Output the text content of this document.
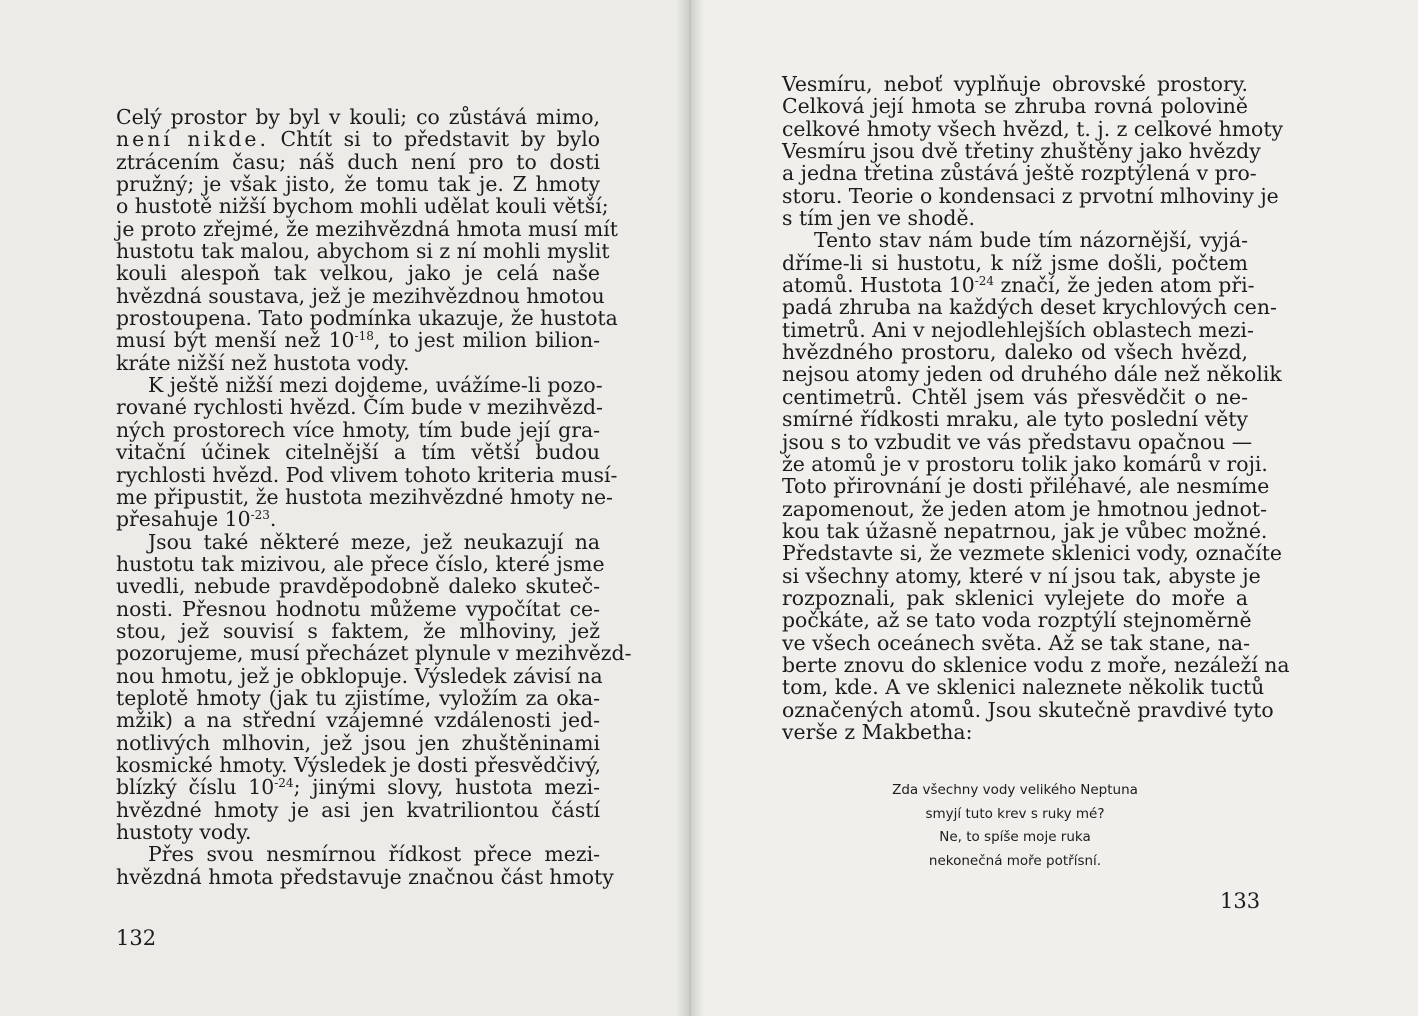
Celý prostor by byl v kouli; co zůstává mimo,
není nikde. Chtít si to představit by bylo
ztrácením času; náš duch není pro to dosti
pružný; je však jisto, že tomu tak je. Z hmoty
o hustotě nižší bychom mohli udělat kouli větší;
je proto zřejmé, že mezihvězdná hmota musí mít
hustotu tak malou, abychom si z ní mohli myslit
kouli alespoň tak velkou, jako je celá naše
hvězdná soustava, jež je mezihvězdnou hmotou
prostoupena. Tato podmínka ukazuje, že hustota
musí být menší než $10^{-18}$, to jest milion bilion-
kráte nižší než hustota vody.
K ještě nižší mezi dojdeme, uvážíme-li pozo-
rované rychlosti hvězd. Čím bude v mezihvězd-
ných prostorech více hmoty, tím bude její gra-
vitační účinek citelnější a tím větší budou
rychlosti hvězd. Pod vlivem tohoto kriteria musí-
me připustit, že hustota mezihvězdné hmoty ne-
přesahuje $10^{-23}$.
Jsou také některé meze, jež neukazují na
hustotu tak mizivou, ale přece číslo, které jsme
uvedli, nebude pravděpodobně daleko skuteč-
nosti. Přesnou hodnotu můžeme vypočítat ce-
stou, jež souvisí s faktem, že mlhoviny, jež
pozorujeme, musí přecházet plynule v mezihvězd-
nou hmotu, jež je obklopuje. Výsledek závisí na
teplotě hmoty (jak tu zjistíme, vyložím za oka-
mžik) a na střední vzájemné vzdálenosti jed-
notlivých mlhovin, jež jsou jen zhuštěninami
kosmické hmoty. Výsledek je dosti přesvědčivý,
blízký číslu $10^{-24}$; jinými slovy, hustota mezi-
hvězdné hmoty je asi jen kvatriliontou částí
hustoty vody.
Přes svou nesmírnou řídkost přece mezi-
hvězdná hmota představuje značnou část hmoty
132
Vesmíru, neboť vyplňuje obrovské prostory.
Celková její hmota se zhruba rovná polovině
celkové hmoty všech hvězd, t. j. z celkové hmoty
Vesmíru jsou dvě třetiny zhuštěny jako hvězdy
a jedna třetina zůstává ještě rozptýlená v pro-
storu. Teorie o kondensaci z prvotní mlhoviny je
s tím jen ve shodě.
Tento stav nám bude tím názornější, vyjá-
dříme-li si hustotu, k níž jsme došli, počtem
atomů. Hustota $10^{-24}$ značí, že jeden atom při-
padá zhruba na každých deset krychlových cen-
timetrů. Ani v nejodlehlejších oblastech mezi-
hvězdného prostoru, daleko od všech hvězd,
nejsou atomy jeden od druhého dále než několik
centimetrů. Chtěl jsem vás přesvědčit o ne-
smírné řídkosti mraku, ale tyto poslední věty
jsou s to vzbudit ve vás představu opačnou —
že atomů je v prostoru tolik jako komárů v roji.
Toto přirovnání je dosti přiléhavé, ale nesmíme
zapomenout, že jeden atom je hmotnou jednot-
kou tak úžasně nepatrnou, jak je vůbec možné.
Představte si, že vezmete sklenici vody, označíte
si všechny atomy, které v ní jsou tak, abyste je
rozpoznali, pak sklenici vylejete do moře a
počkáte, až se tato voda rozptýlí stejnoměrně
ve všech oceánech světa. Až se tak stane, na-
berte znovu do sklenice vodu z moře, nezáleží na
tom, kde. A ve sklenici naleznete několik tuctů
označených atomů. Jsou skutečně pravdivé tyto
verše z Makbetha:
Zda všechny vody velikého Neptuna
smyjí tuto krev s ruky mé?
Ne, to spíše moje ruka
nekonečná moře potřísní.
133
